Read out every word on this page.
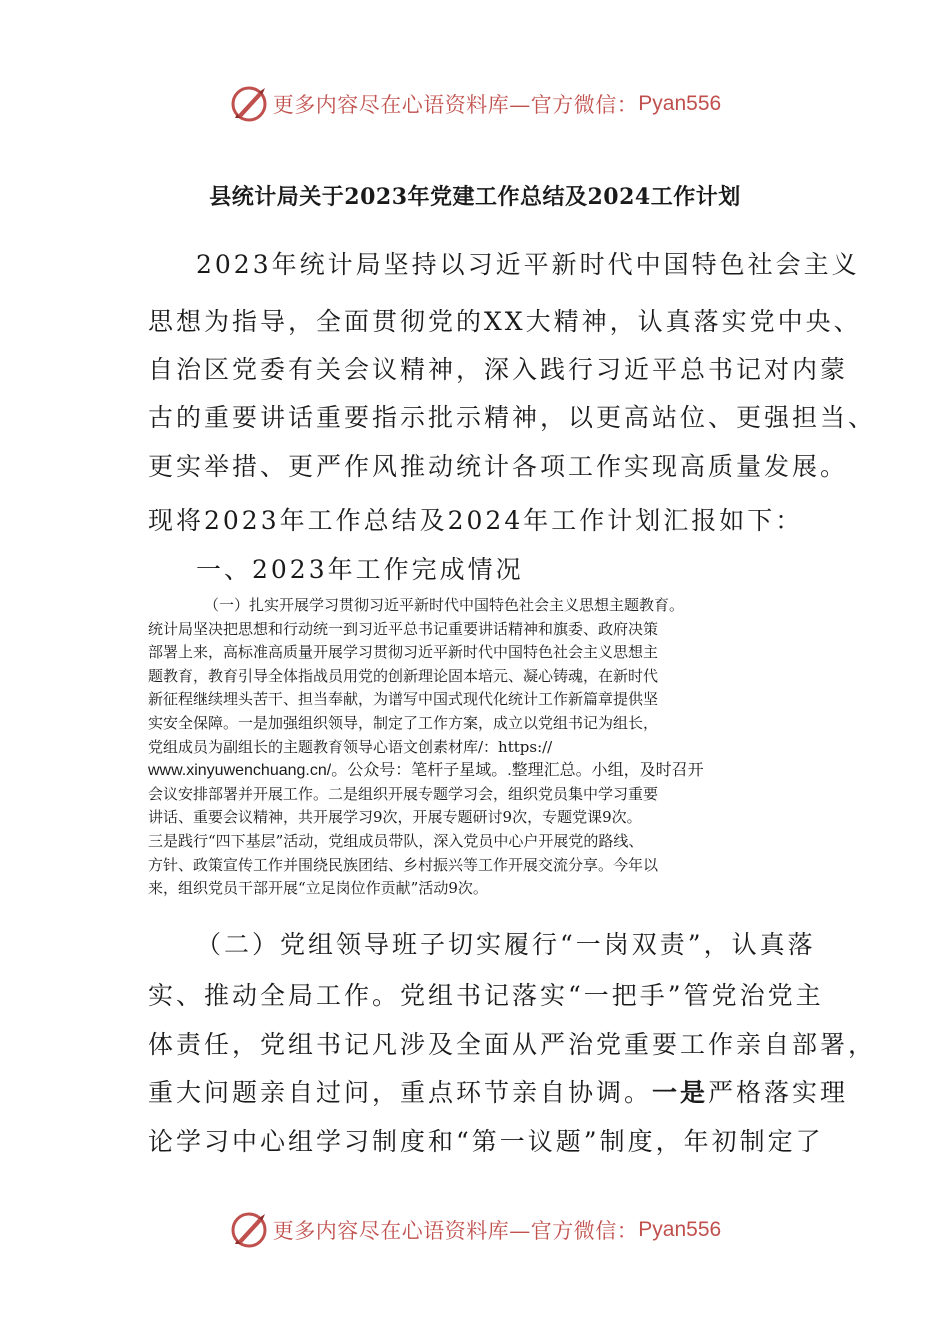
更多内容尽在心语资料库—官方微信： Pyan556
县统计局关于2023年党建工作总结及2024工作计划
2023年统计局坚持以习近平新时代中国特色社会主义
思想为指导，全面贯彻党的XX大精神，认真落实党中央、
自治区党委有关会议精神，深入践行习近平总书记对内蒙
古的重要讲话重要指示批示精神，以更高站位、更强担当、
更实举措、更严作风推动统计各项工作实现高质量发展。
现将2023年工作总结及2024年工作计划汇报如下：
一、2023年工作完成情况
（一）扎实开展学习贯彻习近平新时代中国特色社会主义思想主题教育。
统计局坚决把思想和行动统一到习近平总书记重要讲话精神和旗委、政府决策
部署上来，高标准高质量开展学习贯彻习近平新时代中国特色社会主义思想主
题教育，教育引导全体指战员用党的创新理论固本培元、凝心铸魂，在新时代
新征程继续埋头苦干、担当奉献，为谱写中国式现代化统计工作新篇章提供坚
实安全保障。一是加强组织领导，制定了工作方案，成立以党组书记为组长，
党组成员为副组长的主题教育领导心语文创素材库/：https://
www.xinyuwenchuang.cn/。公众号：笔杆子星域。.整理汇总。小组，及时召开
会议安排部署并开展工作。二是组织开展专题学习会，组织党员集中学习重要
讲话、重要会议精神，共开展学习9次，开展专题研讨9次，专题党课9次。
三是践行“四下基层”活动，党组成员带队，深入党员中心户开展党的路线、
方针、政策宣传工作并围绕民族团结、乡村振兴等工作开展交流分享。今年以
来，组织党员干部开展“立足岗位作贡献”活动9次。
（二）党组领导班子切实履行“一岗双责”，认真落
实、推动全局工作。党组书记落实“一把手”管党治党主
体责任，党组书记凡涉及全面从严治党重要工作亲自部署，
重大问题亲自过问，重点环节亲自协调。一是严格落实理
论学习中心组学习制度和“第一议题”制度，年初制定了
更多内容尽在心语资料库—官方微信： Pyan556
